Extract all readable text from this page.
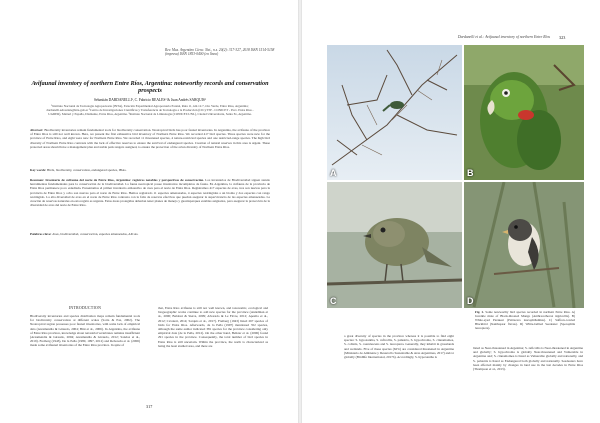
Rev. Mus. Argentino Cienc. Nat., n.s. 20(2): 317-327, 2018 ISSN 1514-5158 (impresa) ISSN 1853-0400 (en línea)
Avifaunal inventory of northern Entre Ríos, Argentina: noteworthy records and conservation prospects
Sebastián DARDANELLI¹, C. Fabricio REALES² & Juan Andrés SARQUIS²
¹Instituto Nacional de Tecnología Agropecuaria (INTA), Estación Experimental Agropecuaria Paraná, Ruta 11, km 12.7, Oro Verde, Entre Ríos, Argentina; dardanelli.sebastian@inta.gob.ar ²Centro de Investigaciones Científicas y Transferencia de Tecnología a la Producción (CICyTTP - CONICET - Prov. Entre Ríos - UADER), Matteri y España, Diamante, Entre Ríos, Argentina. ³Instituto Nacional de Limnología (CONICET-UNL), Ciudad Universitaria, Santa Fe, Argentina.
Abstract: Biodiversity inventories remain fundamental tools for biodiversity conservation. Neotropical birds has poor faunal inventories. In Argentina, the avifauna of the province of Entre Ríos is still not well known. Here, we present the first exhaustive bird inventory of Northern Entre Ríos. We recorded 417 bird species. Three species were new for the province of Entre Ríos, and eight were new for Northern Entre Ríos. We recorded 11 threatened species, 4 nature-restricted species and one restricted-range species. The high bird diversity of Northern Entre Ríos contrasts with the lack of effective reserves to ensure the survival of endangered species. Creation of natural reserves in this area is urgent. These protected areas should have a management plan and stable park rangers assigned, to ensure the protection of the avian diversity of Northern Entre Ríos.
Key words: Birds, biodiversity, conservation, endangered species, IBAs.
Resumen: Inventario de avifauna del norte de Entre Ríos, Argentina: registros notables y perspectivas de conservación. Los inventarios de Biodiversidad siguen siendo herramientas fundamentales para la conservación de la biodiversidad. La fauna neotropical posee inventarios incompletos de fauna. En Argentina, la avifauna de la provincia de Entre Ríos permanece poco estudiada. Presentamos el primer inventario exhaustivo de aves para el norte de Entre Ríos. Registramos 417 especies de aves, tres son nuevas para la provincia de Entre Ríos y ocho son nuevas para el norte de Entre Ríos. Hemos registrado 11 especies amenazadas, 4 especies restringidas a un bioma y dos especies con rango restringido. La alta diversidad de aves en el norte de Entre Ríos contrasta con la falta de reservas efectivas que puedan asegurar la supervivencia de las especies amenazadas. La creación de reservas naturales en esta región es urgente. Estas áreas protegidas deberían tener planes de manejo y guardaparques estables asignados, para asegurar la protección de la diversidad de aves del norte de Entre Ríos.
Palabras clave: Aves, biodiversidad, conservación, especies amenazadas, AICAs.
INTRODUCTION
Biodiversity inventories and species distribution maps remain fundamental tools for biodiversity conservation at different scales (Soria & Paz, 2002). The Neotropical region possesses poor faunal inventories, with some lack of empirical data (Arzamendia & Giraudo, 2004; Bini et al., 2006). In Argentina, the avifauna of Entre Ríos province, knowledge about terrestrial vertebrates remains insufficient (Arzamendia & Giraudo, 2004; Arzamendia & Giraudo, 2012; Sandoz et al., 2019). Freiberg (1943), De la Peña (1980, 1997, 2012) and Reboreda et al. (2006) made some avifaunal inventories of the Entre Ríos province. In spite of
that, Entre Ríos avifauna is still not well known, and taxonomic, ecological and biogeographic works continue to add new species for the province (Andelman et al., 2006; Baldoni & Sierra, 2009; Alvarado & Le Fèvre, 2012; Apeztia et al., 2012; Cavaleri, 2014; Sarquis et al., 2017). Freiberg (1943) listed 267 species of birds for Entre Ríos. Afterwards, de la Peña (1997) mentioned 352 species, although the same author indicated 381 species for the province considering only empirical data (de la Peña, 2012). On the other hand, Beltzer et al. (2006) found 291 species in the province. Consequently, the total number of bird species in Entre Ríos is still uncertain. Within the province, the north is characterized as being the least studied area, and there are
317
Dardanelli et al.: Avifaunal inventory of northern Entre Ríos 323
A	B
C	D
Fig. 2. Some noteworthy bird species recorded in northern Entre Ríos. A) Juvenile male of Black-throated Mango (Anthracothorax nigricollis). B) White-eyed Parakeet (Psittacara leucophthalmus). C) Saffron-cowled Blackbird (Xanthopsar flavus). D) White-bellied Seedeater (Sporophila leucoptera).
a great diversity of species in the province whereas it is possible to find eight species: S. hypoxantha, S. ruficollis, S. palustris, S. hypochroma, S. cinnamomea, S. collaris, S. caerulescens and S. leucoptera. Generally, they inhabit in grasslands and wetlands. Five of these species (62%) are considered threatened in Argentina (Ministerio de Ambiente y Desarrollo Sustentable & Aves Argentinas, 2017) and/or globally (Birdlife International, 2017b). Accordingly, S. hypoxantha is
listed as Near-threatened in Argentina; S. ruficollis is Near-threatened in Argentina and globally; S. hypochroma is globally Near-threatened and Vulnerable in Argentina and; S. cinnamomea is listed as Vulnerable globally and nationally, and S. palustris is listed as Endangered both globally and nationally. Seedeaters have been affected mainly by changes in land use in the last decades in Entre Ríos (Thompson et al., 2013).
